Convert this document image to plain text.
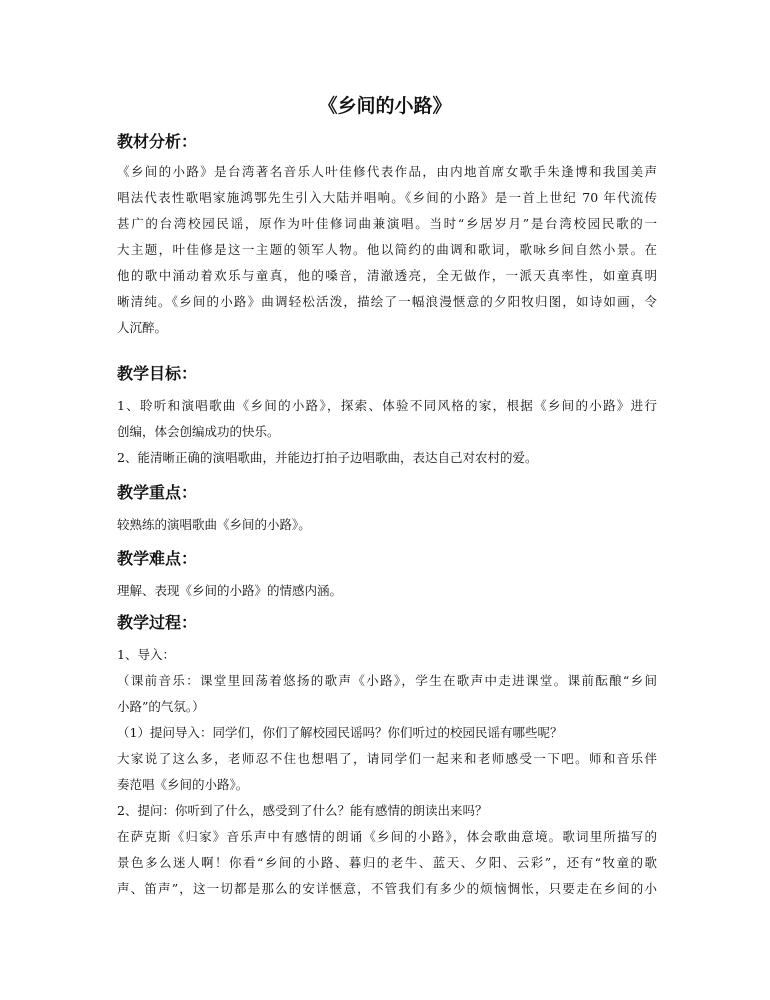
《乡间的小路》
教材分析：
《乡间的小路》是台湾著名音乐人叶佳修代表作品，由内地首席女歌手朱逢博和我国美声
唱法代表性歌唱家施鸿鄂先生引入大陆并唱响。《乡间的小路》是一首上世纪 70 年代流传
甚广的台湾校园民谣，原作为叶佳修词曲兼演唱。当时“乡居岁月”是台湾校园民歌的一
大主题，叶佳修是这一主题的领军人物。他以简约的曲调和歌词，歌咏乡间自然小景。在
他的歌中涌动着欢乐与童真，他的嗓音，清澈透亮，全无做作，一派天真率性，如童真明
晰清纯。《乡间的小路》曲调轻松活泼，描绘了一幅浪漫惬意的夕阳牧归图，如诗如画，令
人沉醉。
教学目标：
1、聆听和演唱歌曲《乡间的小路》，探索、体验不同风格的家，根据《乡间的小路》进行
创编，体会创编成功的快乐。
2、能清晰正确的演唱歌曲，并能边打拍子边唱歌曲，表达自己对农村的爱。
教学重点：
较熟练的演唱歌曲《乡间的小路》。
教学难点：
理解、表现《乡间的小路》的情感内涵。
教学过程：
1、导入：
（课前音乐：课堂里回荡着悠扬的歌声《小路》，学生在歌声中走进课堂。课前酝酿“乡间
小路”的气氛。）
（1）提问导入：同学们，你们了解校园民谣吗？你们听过的校园民谣有哪些呢？
大家说了这么多，老师忍不住也想唱了，请同学们一起来和老师感受一下吧。师和音乐伴
奏范唱《乡间的小路》。
2、提问：你听到了什么，感受到了什么？能有感情的朗读出来吗？
在萨克斯《归家》音乐声中有感情的朗诵《乡间的小路》，体会歌曲意境。歌词里所描写的
景色多么迷人啊！你看“乡间的小路、暮归的老牛、蓝天、夕阳、云彩”，还有“牧童的歌
声、笛声”，这一切都是那么的安详惬意，不管我们有多少的烦恼惆怅，只要走在乡间的小
